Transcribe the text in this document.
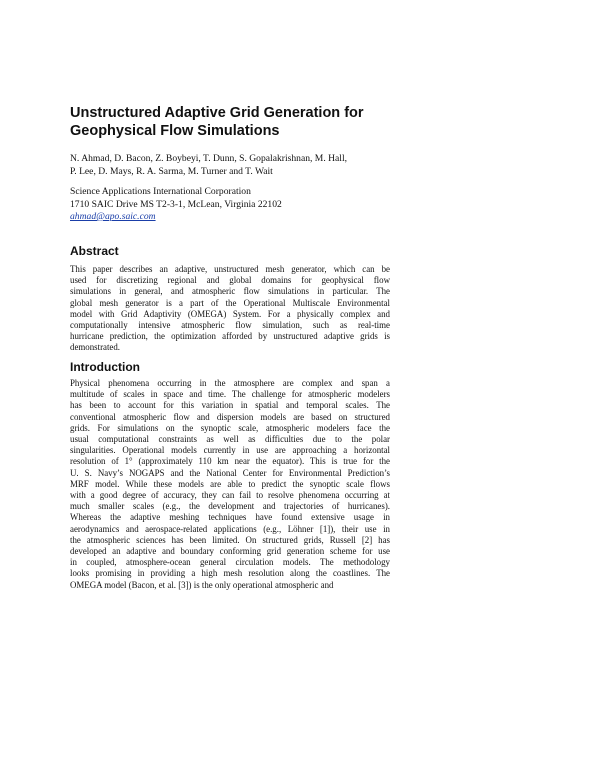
Unstructured Adaptive Grid Generation for
Geophysical Flow Simulations
N. Ahmad, D. Bacon, Z. Boybeyi, T. Dunn, S. Gopalakrishnan, M. Hall,
P. Lee, D. Mays, R. A. Sarma, M. Turner and T. Wait
Science Applications International Corporation
1710 SAIC Drive MS T2-3-1, McLean, Virginia 22102
ahmad@apo.saic.com
Abstract
This paper describes an adaptive, unstructured mesh generator, which can be
used for discretizing regional and global domains for geophysical flow
simulations in general, and atmospheric flow simulations in particular. The
global mesh generator is a part of the Operational Multiscale Environmental
model with Grid Adaptivity (OMEGA) System. For a physically complex and
computationally intensive atmospheric flow simulation, such as real-time
hurricane prediction, the optimization afforded by unstructured adaptive grids is
demonstrated.
Introduction
Physical phenomena occurring in the atmosphere are complex and span a
multitude of scales in space and time. The challenge for atmospheric modelers
has been to account for this variation in spatial and temporal scales. The
conventional atmospheric flow and dispersion models are based on structured
grids. For simulations on the synoptic scale, atmospheric modelers face the
usual computational constraints as well as difficulties due to the polar
singularities. Operational models currently in use are approaching a horizontal
resolution of 1° (approximately 110 km near the equator). This is true for the
U. S. Navy’s NOGAPS and the National Center for Environmental Prediction’s
MRF model. While these models are able to predict the synoptic scale flows
with a good degree of accuracy, they can fail to resolve phenomena occurring at
much smaller scales (e.g., the development and trajectories of hurricanes).
Whereas the adaptive meshing techniques have found extensive usage in
aerodynamics and aerospace-related applications (e.g., Löhner [1]), their use in
the atmospheric sciences has been limited. On structured grids, Russell [2] has
developed an adaptive and boundary conforming grid generation scheme for use
in coupled, atmosphere-ocean general circulation models. The methodology
looks promising in providing a high mesh resolution along the coastlines. The
OMEGA model (Bacon, et al. [3]) is the only operational atmospheric and
